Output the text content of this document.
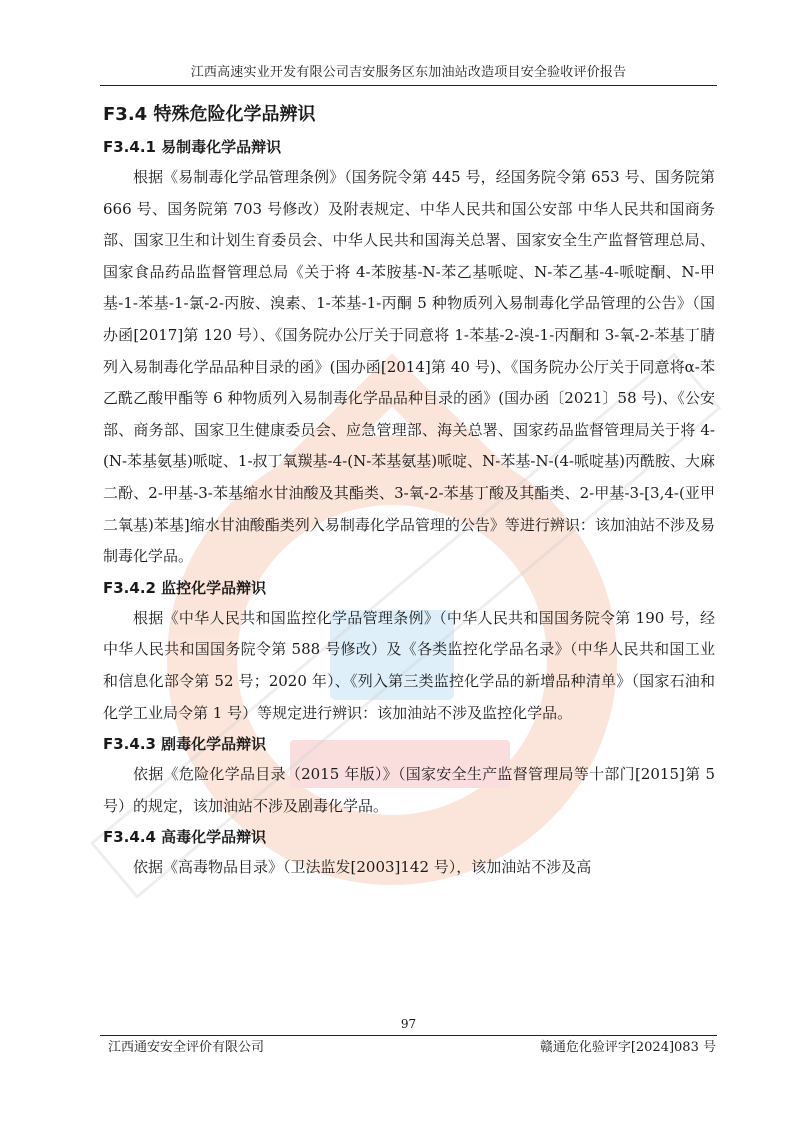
江西高速实业开发有限公司吉安服务区东加油站改造项目安全验收评价报告
F3.4 特殊危险化学品辨识
F3.4.1 易制毒化学品辩识

根据《易制毒化学品管理条例》（国务院令第 445 号，经国务院令第 653 号、国务院第 666 号、国务院第 703 号修改）及附表规定、中华人民共和国公安部 中华人民共和国商务部、国家卫生和计划生育委员会、中华人民共和国海关总署、国家安全生产监督管理总局、国家食品药品监督管理总局《关于将 4-苯胺基-N-苯乙基哌啶、N-苯乙基-4-哌啶酮、N-甲基-1-苯基-1-氯-2-丙胺、溴素、1-苯基-1-丙酮 5 种物质列入易制毒化学品管理的公告》（国办函[2017]第 120 号）、《国务院办公厅关于同意将 1-苯基-2-溴-1-丙酮和 3-氧-2-苯基丁腈列入易制毒化学品品种目录的函》(国办函[2014]第 40 号)、《国务院办公厅关于同意将α-苯乙酰乙酸甲酯等 6 种物质列入易制毒化学品品种目录的函》(国办函〔2021〕58 号)、《公安部、商务部、国家卫生健康委员会、应急管理部、海关总署、国家药品监督管理局关于将 4-(N-苯基氨基)哌啶、1-叔丁氧羰基-4-(N-苯基氨基)哌啶、N-苯基-N-(4-哌啶基)丙酰胺、大麻二酚、2-甲基-3-苯基缩水甘油酸及其酯类、3-氧-2-苯基丁酸及其酯类、2-甲基-3-[3,4-(亚甲二氧基)苯基]缩水甘油酸酯类列入易制毒化学品管理的公告》等进行辨识：该加油站不涉及易制毒化学品。

F3.4.2 监控化学品辩识

根据《中华人民共和国监控化学品管理条例》（中华人民共和国国务院令第 190 号，经中华人民共和国国务院令第 588 号修改）及《各类监控化学品名录》（中华人民共和国工业和信息化部令第 52 号；2020 年）、《列入第三类监控化学品的新增品种清单》（国家石油和化学工业局令第 1 号）等规定进行辨识：该加油站不涉及监控化学品。

F3.4.3 剧毒化学品辩识

依据《危险化学品目录（2015 年版）》（国家安全生产监督管理局等十部门[2015]第 5 号）的规定，该加油站不涉及剧毒化学品。

F3.4.4 高毒化学品辩识

依据《高毒物品目录》（卫法监发[2003]142 号），该加油站不涉及高

97
江西通安安全评价有限公司	赣通危化验评字[2024]083 号
